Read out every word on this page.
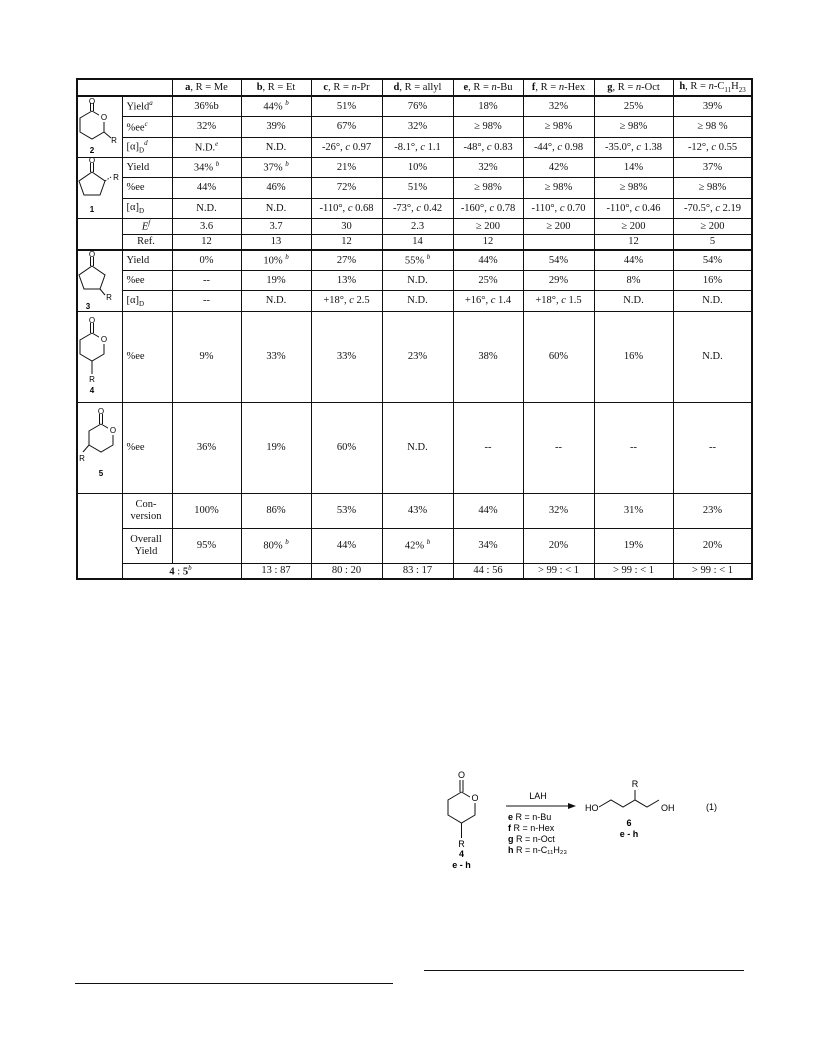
		a, R = Me	b, R = Et	c, R = n-Pr	d, R = allyl	e, R = n-Bu	f, R = n-Hex	g, R = n-Oct	h, $R = n-C_{11}H_{23}$

O
O
R
2	Yield$^a$	36%b	44% $^b$	51%	76%	18%	32%	25%	39%	
	$\%ee^c$	32%	39%	67%	32%	≥ 98%	≥ 98%	≥ 98%	≥ 98 %	
	$[\alpha]_D^d$	N.D.$^e$	N.D.	-26°, c 0.97	-8.1°, c 1.1	-48°, c 0.83	-44°, c 0.98	-35.0°, c 1.38	-12°, c 0.55	

O
R
1	Yield	34% $^b$	37% $^b$	21%	10%	32%	42%	14%	37%	
	%ee	44%	46%	72%	51%	≥ 98%	≥ 98%	≥ 98%	≥ 98%	
	$[\alpha]_D$	N.D.	N.D.	-110°, c 0.68	-73°, c 0.42	-160°, c 0.78	-110°, c 0.70	-110°, c 0.46	-70.5°, c 2.19	
	$E^f$	3.6	3.7	30	2.3	≥ 200	≥ 200	≥ 200	≥ 200	
	Ref.	12	13	12	14	12		12	5	

O
R
3	Yield	0%	10% $^b$	27%	55% $^b$	44%	54%	44%	54%	
	%ee	--	19%	13%	N.D.	25%	29%	8%	16%	
	$[\alpha]_D$	--	N.D.	+18°, c 2.5	N.D.	+16°, c 1.4	+18°, c 1.5	N.D.	N.D.	

O
O
R
4	%ee	9%	33%	33%	23%	38%	60%	16%	N.D.	

O
O
R
5	%ee	36%	19%	60%	N.D.	--	--	--	--	
	Con-
version	100%	86%	53%	43%	44%	32%	31%	23%	
	Overall
Yield	95%	80% $^b$	44%	42% $^b$	34%	20%	19%	20%	
	4 : 5$^b$		13 : 87	80 : 20	83 : 17	44 : 56	> 99 : < 1	> 99 : < 1	> 99 : < 1	
O
O
R
4
e - h
LAH
e R = n-Bu
f R = n-Hex
g R = n-Oct
h R = n-C₁₁H₂₃
HO	OH
R
6
e - h
(1)
